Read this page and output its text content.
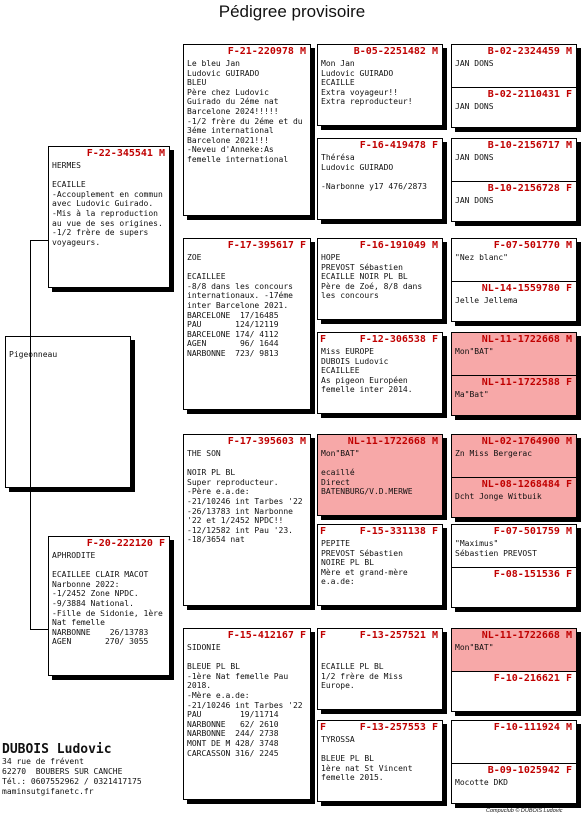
Pédigree provisoire
Pigeonneau
F-22-345541 M
HERMES

ECAILLE
-Accouplement en commun avec Ludovic Guirado.
-Mis à la reproduction au vue de ses origines.
-1/2 frère de supers voyageurs.
F-20-222120 F
APHRODITE

ECAILLEE CLAIR MACOT
Narbonne 2022:
-1/2452 Zone NPDC.
-9/3884 National.
-Fille de Sidonie, 1ère Nat femelle
NARBONNE    26/13783
AGEN       270/ 3055
F-21-220978 M
Le bleu Jan
Ludovic GUIRADO
BLEU
Père chez Ludovic Guirado du 2éme nat Barcelone 2024!!!!!
-1/2 frère du 2éme et du 3éme international Barcelone 2021!!!
-Neveu d'Anneke:As femelle international
F-17-395617 F
ZOE

ECAILLEE
-8/8 dans les concours internationaux. -17éme inter Barcelone 2021.
BARCELONE  17/16485
PAU       124/12119
BARCELONE 174/ 4112
AGEN       96/ 1644
NARBONNE  723/ 9813
F-17-395603 M
THE SON

NOIR PL BL
Super reproducteur.
-Père e.a.de:
-21/10246 int Tarbes '22
-26/13783 int Narbonne '22 et 1/2452 NPDC!!
-12/12582 int Pau '23.
-18/3654 nat
F-15-412167 F
SIDONIE

BLEUE PL BL
-1ère Nat femelle Pau 2018.
-Mère e.a.de:
-21/10246 int Tarbes '22
PAU        19/11714
NARBONNE   62/ 2610
NARBONNE  244/ 2738
MONT DE M 428/ 3748
CARCASSON 316/ 2245
B-05-2251482 M
Mon Jan
Ludovic GUIRADO
ECAILLE
Extra voyageur!!
Extra reproducteur!
F-16-419478 F
Thérésa
Ludovic GUIRADO

-Narbonne y17 476/2873
F-16-191049 M
HOPE
PREVOST Sébastien
ECAILLE NOIR PL BL
Père de Zoé, 8/8 dans les concours
F	F-12-306538 F
Miss EUROPE
DUBOIS Ludovic
ECAILLEE
As pigeon Européen femelle inter 2014.
NL-11-1722668 M
Mon"BAT"

ecaillé
Direct
BATENBURG/V.D.MERWE
F	F-15-331138 F
PEPITE
PREVOST Sébastien
NOIRE PL BL
Mère et grand-mère e.a.de:
F	F-13-257521 M

ECAILLE PL BL
1/2 frère de Miss Europe.
F	F-13-257553 F
TYROSSA

BLEUE PL BL
1ère nat St Vincent femelle 2015.
B-02-2324459 M
JAN DONS
B-02-2110431 F
JAN DONS
B-10-2156717 M
JAN DONS
B-10-2156728 F
JAN DONS
F-07-501770 M
"Nez blanc"
NL-14-1559780 F
Jelle Jellema
NL-11-1722668 M
Mon"BAT"
NL-11-1722588 F
Ma"Bat"
NL-02-1764900 M
Zn Miss Bergerac
NL-08-1268484 F
Dcht Jonge Witbuik
F-07-501759 M
"Maximus"
Sébastien PREVOST
F-08-151536 F
NL-11-1722668 M
Mon"BAT"
F-10-216621 F
F-10-111924 M
B-09-1025942 F
Mocotte DKD
DUBOIS Ludovic
34 rue de frévent
62270  BOUBERS SUR CANCHE
Tél.: 0607552962 / 0321417175
maminsutgifanetc.fr
Compuclub © DUBOIS Ludovic
